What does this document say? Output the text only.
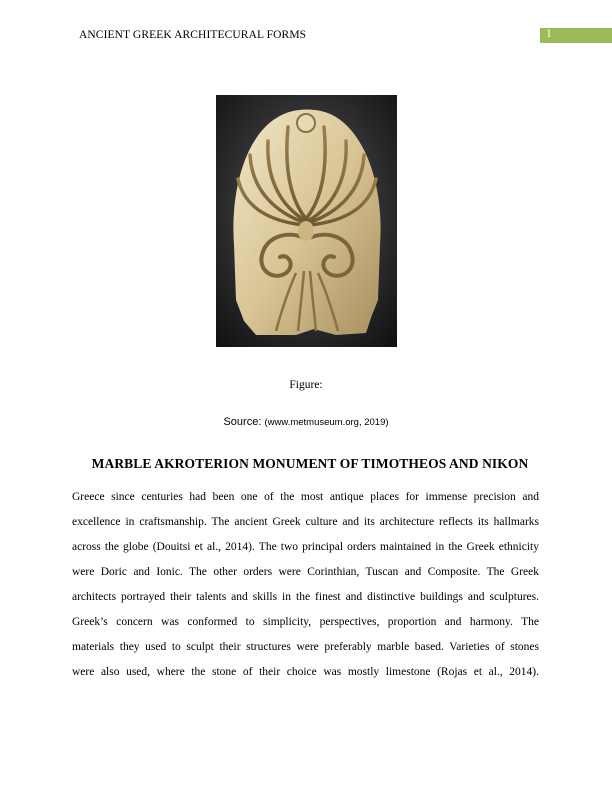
ANCIENT GREEK ARCHITECURAL FORMS	1
Figure:
Source: (www.metmuseum.org, 2019)
MARBLE AKROTERION MONUMENT OF TIMOTHEOS AND NIKON
Greece since centuries had been one of the most antique places for immense precision and
excellence in craftsmanship. The ancient Greek culture and its architecture reflects its hallmarks
across the globe (Douitsi et al., 2014). The two principal orders maintained in the Greek ethnicity
were Doric and Ionic. The other orders were Corinthian, Tuscan and Composite. The Greek
architects portrayed their talents and skills in the finest and distinctive buildings and sculptures.
Greek’s concern was conformed to simplicity, perspectives, proportion and harmony. The
materials they used to sculpt their structures were preferably marble based. Varieties of stones
were also used, where the stone of their choice was mostly limestone (Rojas et al., 2014).
